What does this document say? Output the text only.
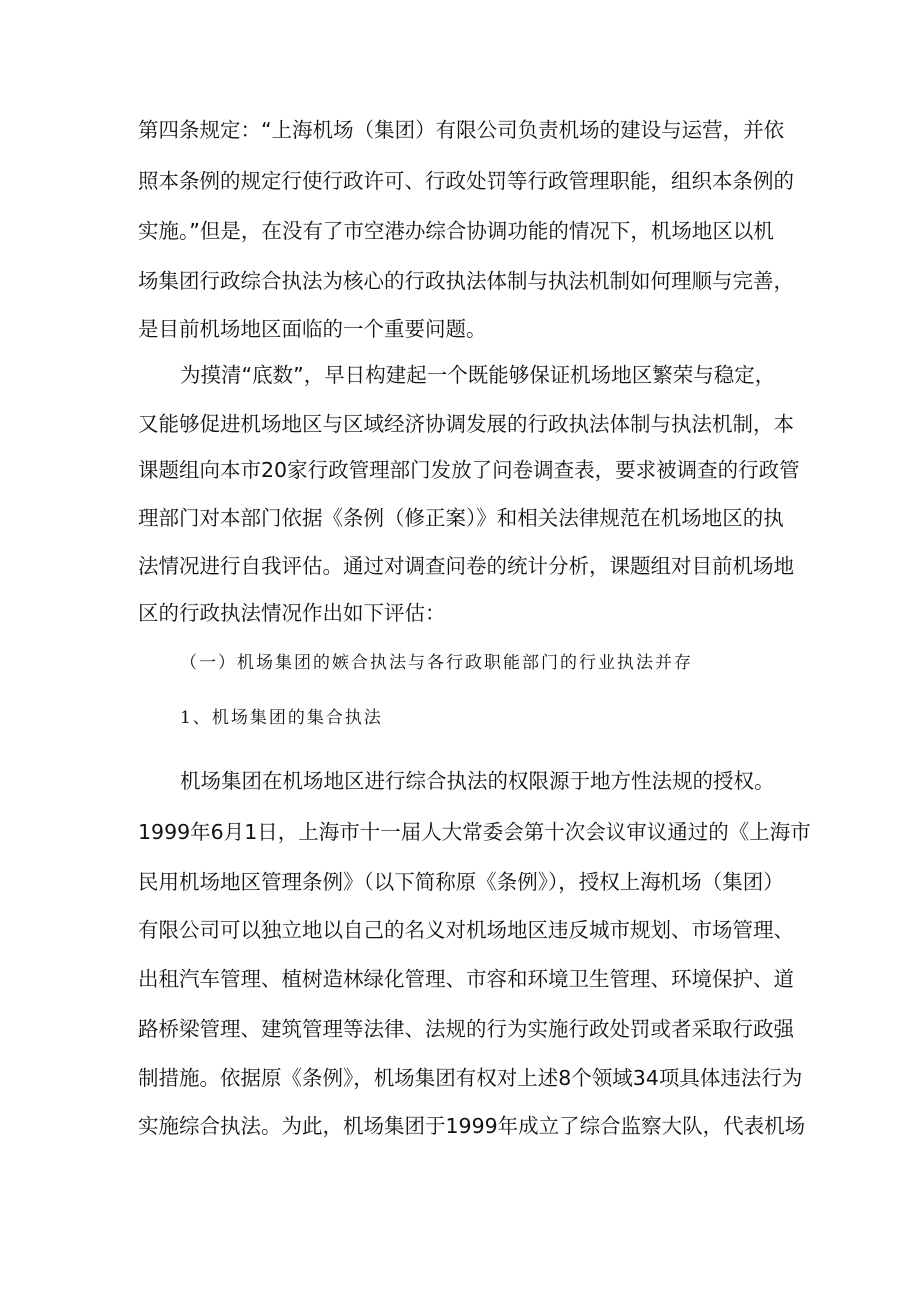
第四条规定：“上海机场（集团）有限公司负责机场的建设与运营，并依
照本条例的规定行使行政许可、行政处罚等行政管理职能，组织本条例的
实施。”但是，在没有了市空港办综合协调功能的情况下，机场地区以机
场集团行政综合执法为核心的行政执法体制与执法机制如何理顺与完善，
是目前机场地区面临的一个重要问题。
为摸清“底数”，早日构建起一个既能够保证机场地区繁荣与稳定，
又能够促进机场地区与区域经济协调发展的行政执法体制与执法机制，本
课题组向本市20家行政管理部门发放了问卷调查表，要求被调查的行政管
理部门对本部门依据《条例（修正案）》和相关法律规范在机场地区的执
法情况进行自我评估。通过对调查问卷的统计分析，课题组对目前机场地
区的行政执法情况作出如下评估：
（一）机场集团的嫉合执法与各行政职能部门的行业执法并存
1、机场集团的集合执法
机场集团在机场地区进行综合执法的权限源于地方性法规的授权。
1999年6月1日，上海市十一届人大常委会第十次会议审议通过的《上海市
民用机场地区管理条例》（以下简称原《条例》），授权上海机场（集团）
有限公司可以独立地以自己的名义对机场地区违反城市规划、市场管理、
出租汽车管理、植树造林绿化管理、市容和环境卫生管理、环境保护、道
路桥梁管理、建筑管理等法律、法规的行为实施行政处罚或者采取行政强
制措施。依据原《条例》，机场集团有权对上述8个领域34项具体违法行为
实施综合执法。为此，机场集团于1999年成立了综合监察大队，代表机场
